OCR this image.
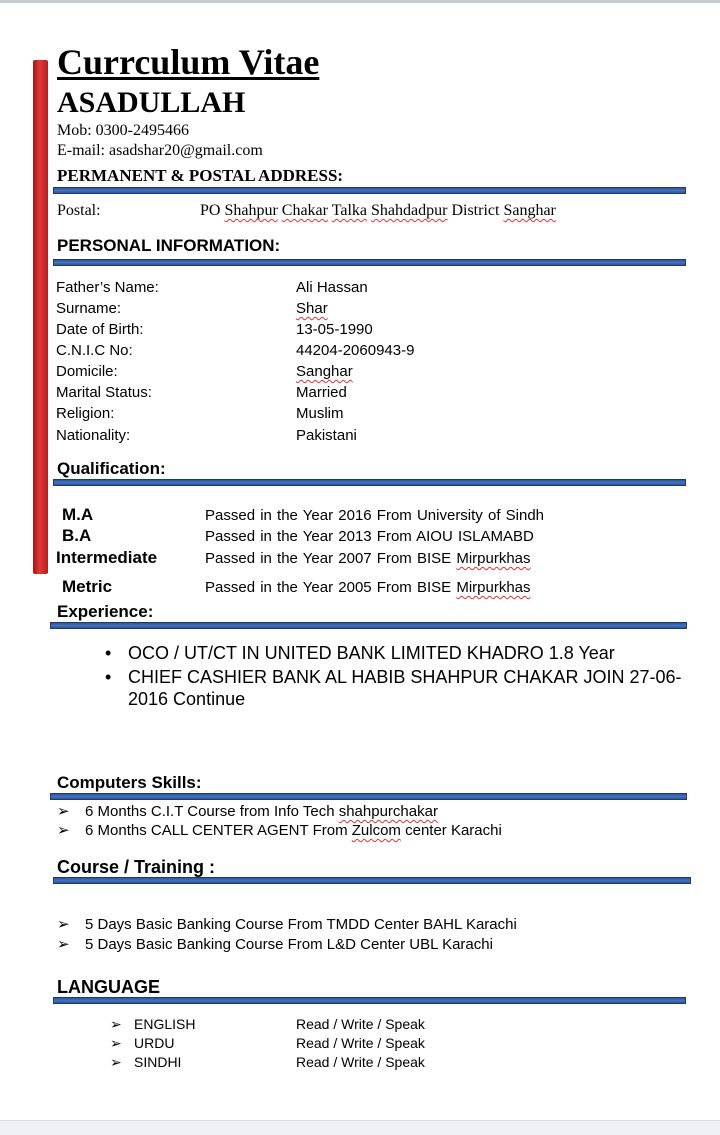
Currculum Vitae
ASADULLAH
Mob: 0300-2495466
E-mail: asadshar20@gmail.com
PERMANENT & POSTAL ADDRESS:
Postal:	PO Shahpur Chakar Talka Shahdadpur District Sanghar
PERSONAL INFORMATION:
Father’s Name:	Ali Hassan
Surname:	Shar
Date of Birth:	13-05-1990
C.N.I.C No:	44204-2060943-9
Domicile:	Sanghar
Marital Status:	Married
Religion:	Muslim
Nationality:	Pakistani
Qualification:
M.A	Passed in the Year 2016 From University of Sindh
B.A	Passed in the Year 2013 From AIOU ISLAMABD
Intermediate	Passed in the Year 2007 From BISE Mirpurkhas
Metric	Passed in the Year 2005 From BISE Mirpurkhas
Experience:
• OCO / UT/CT IN UNITED BANK LIMITED KHADRO 1.8 Year
• CHIEF CASHIER BANK AL HABIB SHAHPUR CHAKAR JOIN 27-06-2016 Continue
Computers Skills:
➢ 6 Months C.I.T Course from Info Tech shahpurchakar
➢ 6 Months CALL CENTER AGENT From Zulcom center Karachi
Course / Training :
➢ 5 Days Basic Banking Course From TMDD Center BAHL Karachi
➢ 5 Days Basic Banking Course From L&D Center UBL Karachi
LANGUAGE
➢ ENGLISH	Read / Write / Speak
➢ URDU	Read / Write / Speak
➢ SINDHI	Read / Write / Speak
